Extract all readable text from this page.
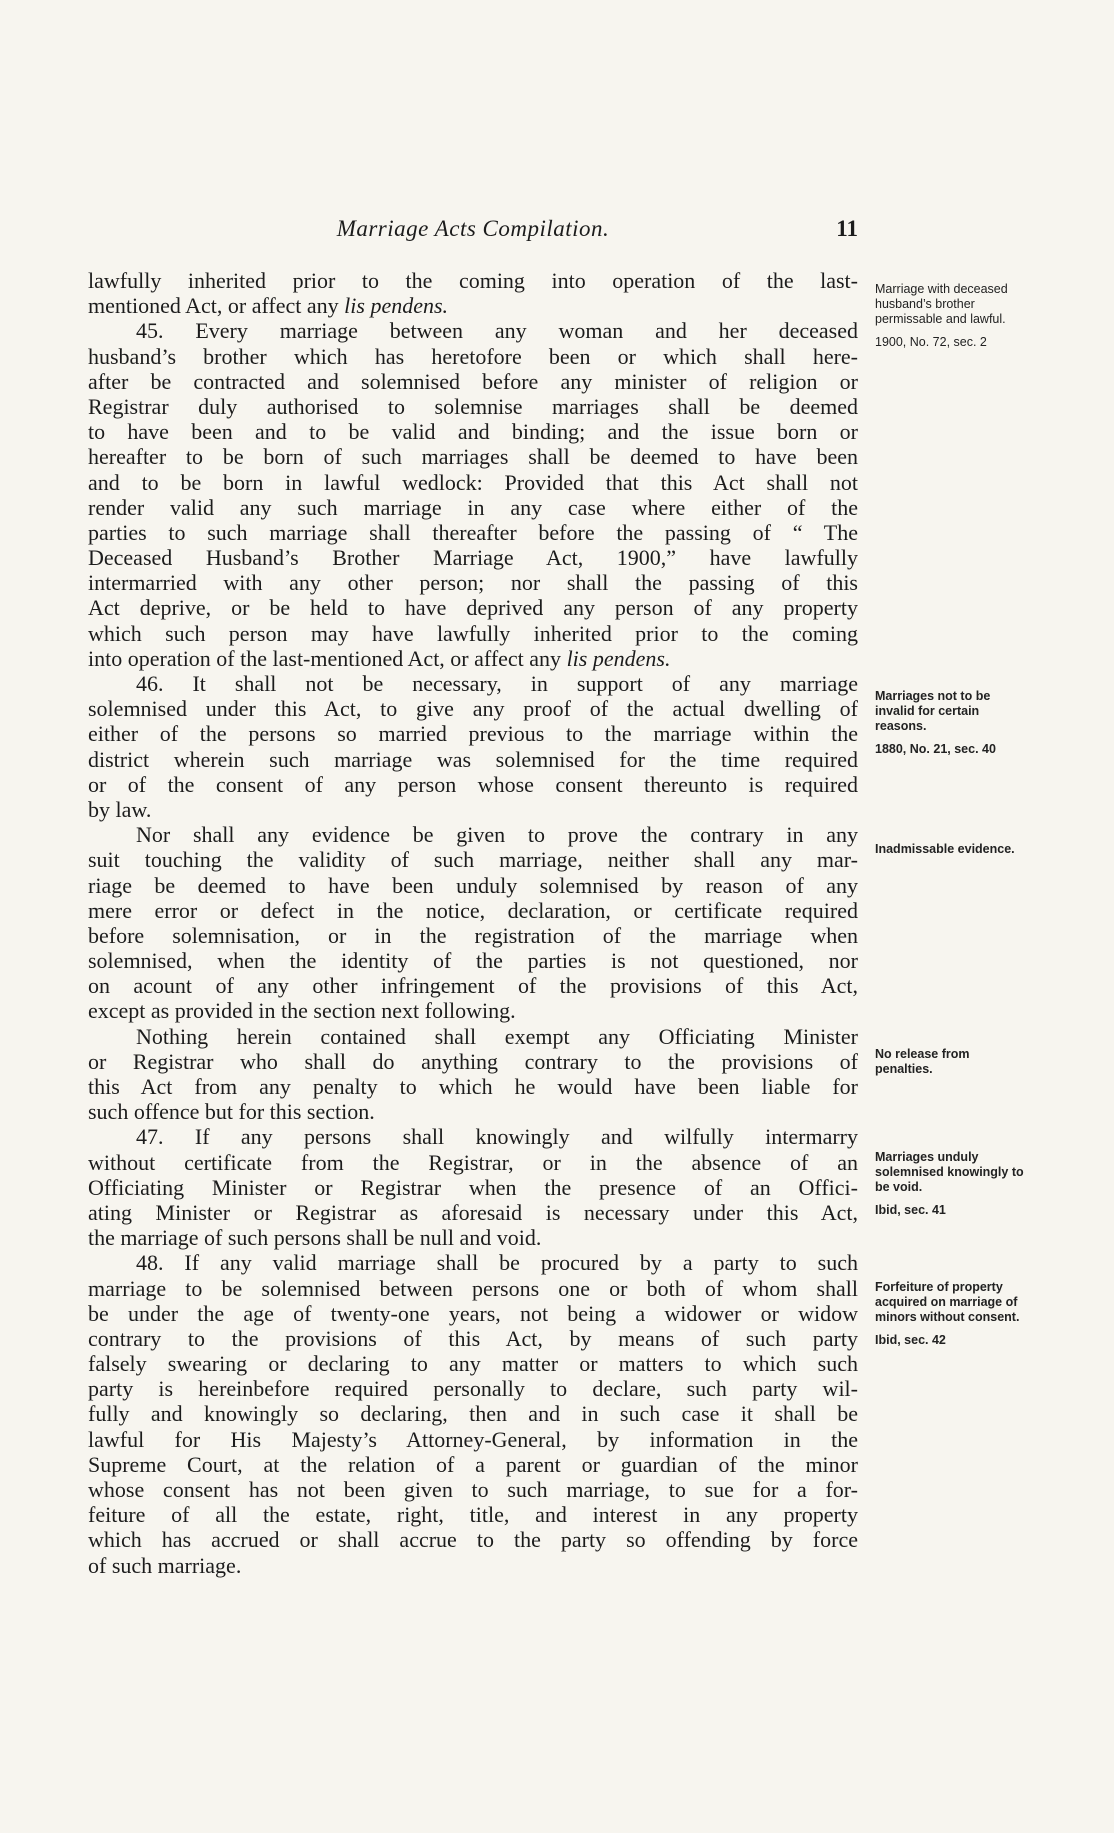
Marriage Acts Compilation.	11
lawfully inherited prior to the coming into operation of the last-
mentioned Act, or affect any lis pendens.
45. Every marriage between any woman and her deceased
husband’s brother which has heretofore been or which shall here-
after be contracted and solemnised before any minister of religion or
Registrar duly authorised to solemnise marriages shall be deemed
to have been and to be valid and binding; and the issue born or
hereafter to be born of such marriages shall be deemed to have been
and to be born in lawful wedlock: Provided that this Act shall not
render valid any such marriage in any case where either of the
parties to such marriage shall thereafter before the passing of “ The
Deceased Husband’s Brother Marriage Act, 1900,” have lawfully
intermarried with any other person; nor shall the passing of this
Act deprive, or be held to have deprived any person of any property
which such person may have lawfully inherited prior to the coming
into operation of the last-mentioned Act, or affect any lis pendens.
46. It shall not be necessary, in support of any marriage
solemnised under this Act, to give any proof of the actual dwelling of
either of the persons so married previous to the marriage within the
district wherein such marriage was solemnised for the time required
or of the consent of any person whose consent thereunto is required
by law.
Nor shall any evidence be given to prove the contrary in any
suit touching the validity of such marriage, neither shall any mar-
riage be deemed to have been unduly solemnised by reason of any
mere error or defect in the notice, declaration, or certificate required
before solemnisation, or in the registration of the marriage when
solemnised, when the identity of the parties is not questioned, nor
on acount of any other infringement of the provisions of this Act,
except as provided in the section next following.
Nothing herein contained shall exempt any Officiating Minister
or Registrar who shall do anything contrary to the provisions of
this Act from any penalty to which he would have been liable for
such offence but for this section.
47. If any persons shall knowingly and wilfully intermarry
without certificate from the Registrar, or in the absence of an
Officiating Minister or Registrar when the presence of an Offici-
ating Minister or Registrar as aforesaid is necessary under this Act,
the marriage of such persons shall be null and void.
48. If any valid marriage shall be procured by a party to such
marriage to be solemnised between persons one or both of whom shall
be under the age of twenty-one years, not being a widower or widow
contrary to the provisions of this Act, by means of such party
falsely swearing or declaring to any matter or matters to which such
party is hereinbefore required personally to declare, such party wil-
fully and knowingly so declaring, then and in such case it shall be
lawful for His Majesty’s Attorney-General, by information in the
Supreme Court, at the relation of a parent or guardian of the minor
whose consent has not been given to such marriage, to sue for a for-
feiture of all the estate, right, title, and interest in any property
which has accrued or shall accrue to the party so offending by force
of such marriage.
Marriage with deceased husband’s brother permissable and lawful.
1900, No. 72, sec. 2
Marriages not to be invalid for certain reasons.
1880, No. 21, sec. 40
Inadmissable evidence.
No release from penalties.
Marriages unduly solemnised knowingly to be void.
Ibid, sec. 41
Forfeiture of property acquired on marriage of minors without consent.
Ibid, sec. 42
